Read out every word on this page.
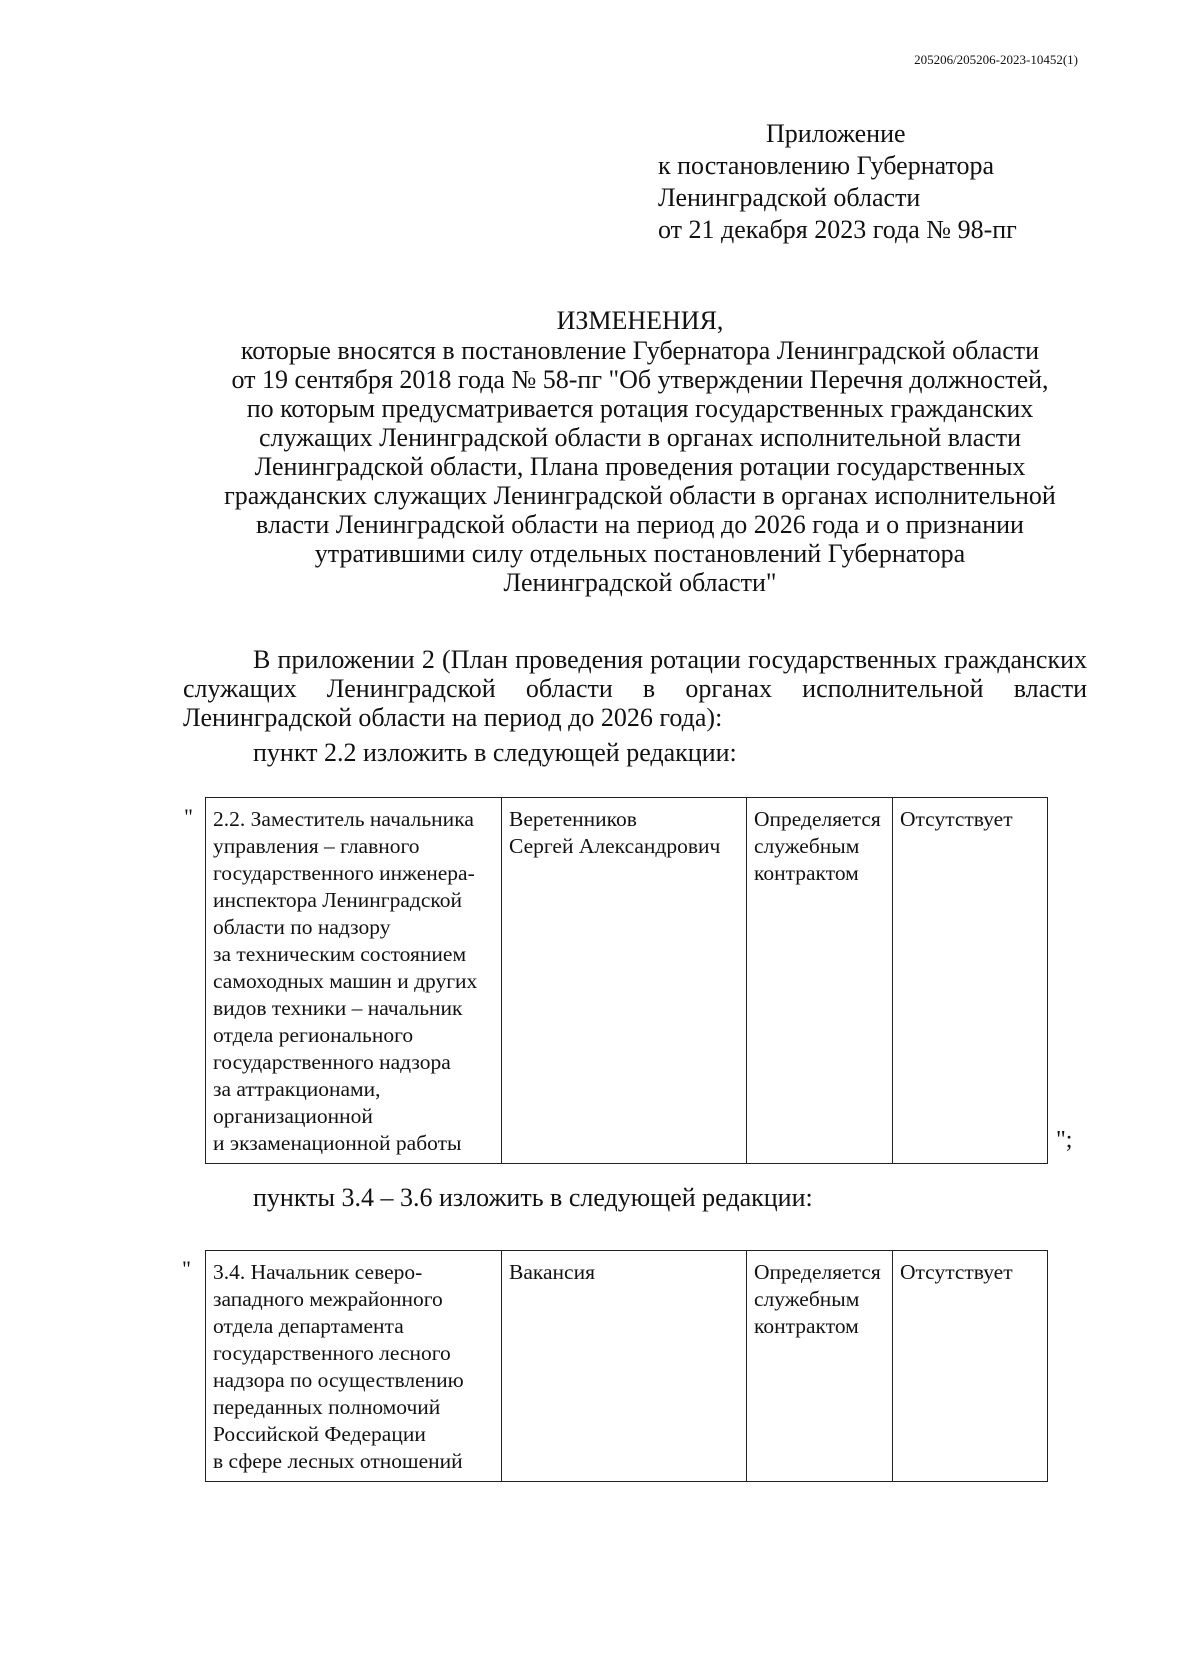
205206/205206-2023-10452(1)
Приложение
к постановлению Губернатора
Ленинградской области
от 21 декабря 2023 года № 98-пг
ИЗМЕНЕНИЯ,
которые вносятся в постановление Губернатора Ленинградской области
от 19 сентября 2018 года № 58-пг "Об утверждении Перечня должностей,
по которым предусматривается ротация государственных гражданских
служащих Ленинградской области в органах исполнительной власти
Ленинградской области, Плана проведения ротации государственных
гражданских служащих Ленинградской области в органах исполнительной
власти Ленинградской области на период до 2026 года и о признании
утратившими силу отдельных постановлений Губернатора
Ленинградской области"
В приложении 2 (План проведения ротации государственных гражданских служащих Ленинградской области в органах исполнительной власти Ленинградской области на период до 2026 года):
пункт 2.2 изложить в следующей редакции:
" 2.2. Заместитель начальника
управления – главного
государственного инженера-
инспектора Ленинградской
области по надзору
за техническим состоянием
самоходных машин и других
видов техники – начальник
отдела регионального
государственного надзора
за аттракционами,
организационной
и экзаменационной работы

Веретенников
Сергей Александрович

Определяется
служебным
контрактом

Отсутствует
";
пункты 3.4 – 3.6 изложить в следующей редакции:
" 3.4. Начальник северо-
западного межрайонного
отдела департамента
государственного лесного
надзора по осуществлению
переданных полномочий
Российской Федерации
в сфере лесных отношений

Вакансия	Определяется
служебным
контрактом

Отсутствует
